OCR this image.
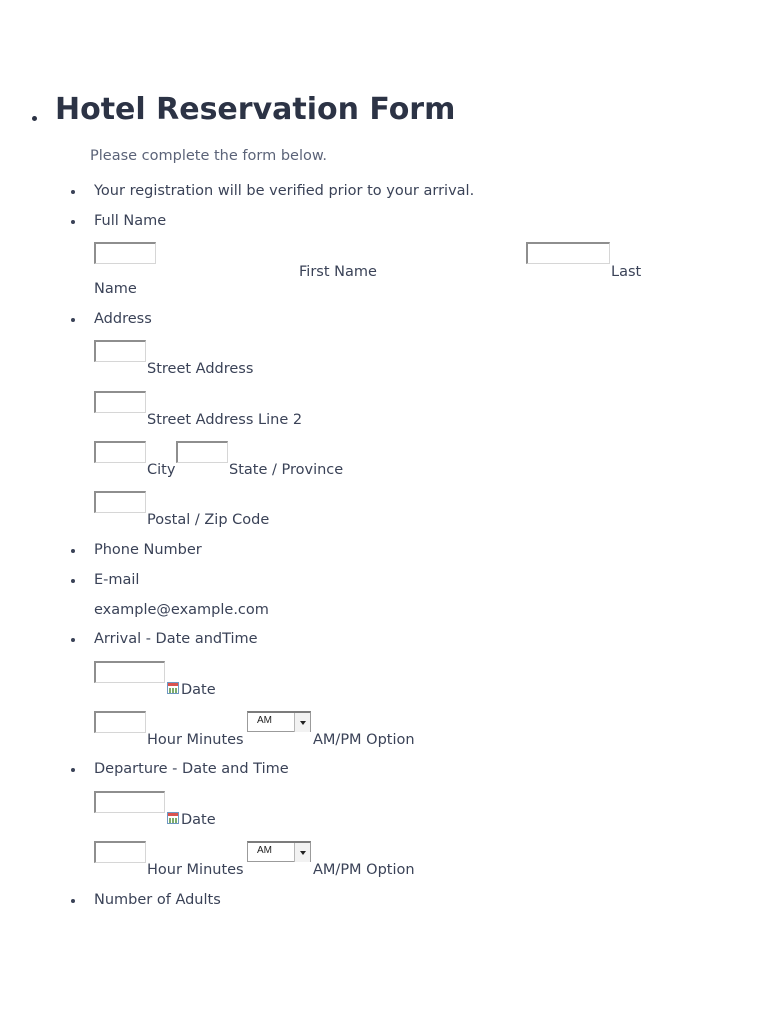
Hotel Reservation Form
Please complete the form below.
Your registration will be verified prior to your arrival.
Full Name
First Name	Last
Name
Address
Street Address
Street Address Line 2
City	State / Province
Postal / Zip Code
Phone Number
E-mail
example@example.com
Arrival - Date andTime
Date
Hour Minutes
AM
AM/PM Option
Departure - Date and Time
Date
Hour Minutes
AM
AM/PM Option
Number of Adults
